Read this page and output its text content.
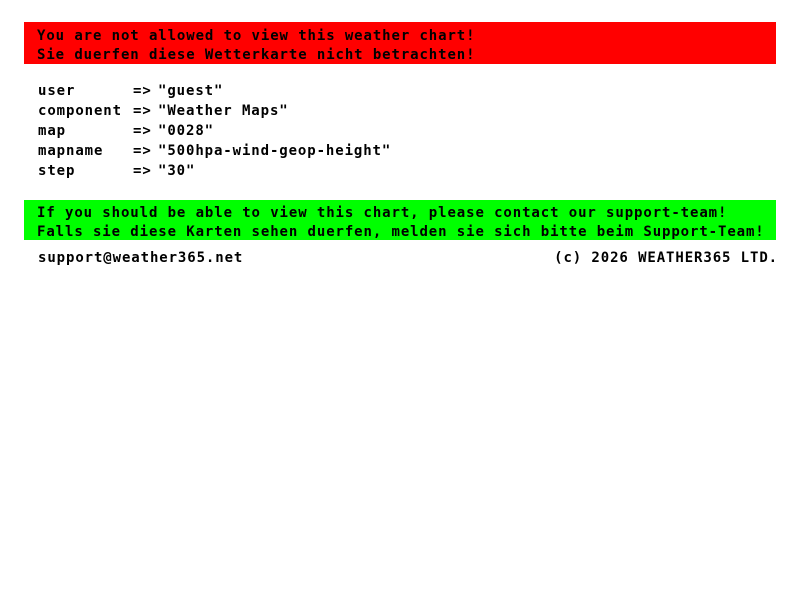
You are not allowed to view this weather chart!
Sie duerfen diese Wetterkarte nicht betrachten!
user	=> "guest"
component => "Weather Maps"
map	=> "0028"
mapname	=> "500hpa-wind-geop-height"
step	=> "30"
If you should be able to view this chart, please contact our support-team!
Falls sie diese Karten sehen duerfen, melden sie sich bitte beim Support-Team!
support@weather365.net	(c) 2026 WEATHER365 LTD.
